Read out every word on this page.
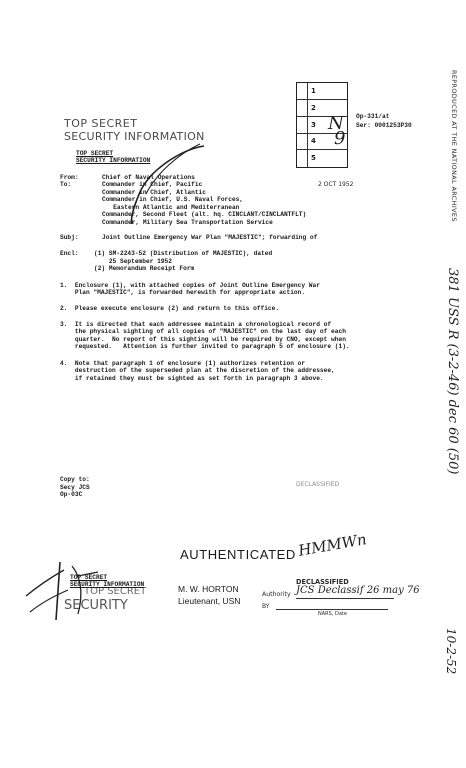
REPRODUCED AT THE NATIONAL ARCHIVES
381 USS R (3-2-46) dec 60 (50)
10-2-52
1
2
3
4
5
N
9
Op-331/at
Ser: 0001253P30
2 OCT 1952
TOP SECRET
SECURITY INFORMATION
TOP SECRET
SECURITY INFORMATION
From:	Chief of Naval Operations
To:	Commander in Chief, Pacific
Commander in Chief, Atlantic
Commander in Chief, U.S. Naval Forces,
Eastern Atlantic and Mediterranean
Commander, Second Fleet (alt. hq. CINCLANT/CINCLANTFLT)
Commander, Military Sea Transportation Service
Subj:	Joint Outline Emergency War Plan "MAJESTIC"; forwarding of
Encl: (1) SM-2243-52 (Distribution of MAJESTIC), dated
25 September 1952
(2) Memorandum Receipt Form
1.  Enclosure (1), with attached copies of Joint Outline Emergency War
Plan "MAJESTIC", is forwarded herewith for appropriate action.
2.  Please execute enclosure (2) and return to this office.
3.  It is directed that each addressee maintain a chronological record of
the physical sighting of all copies of "MAJESTIC" on the last day of each
quarter.  No report of this sighting will be required by CNO, except when
requested.   Attention is further invited to paragraph 5 of enclosure (1).
4.  Note that paragraph 1 of enclosure (1) authorizes retention or
destruction of the superseded plan at the discretion of the addressee,
if retained they must be sighted as set forth in paragraph 3 above.
Copy to:
Secy JCS
Op-03C
DECLASSIFIED
AUTHENTICATED HMMWn
M. W. HORTON
Lieutenant, USN
TOP SECRET
SECURITY INFORMATION
TOP SECRET
SECURITY
DECLASSIFIED
Authority JCS Declassif 26 may 76
BY
NARS, Date
